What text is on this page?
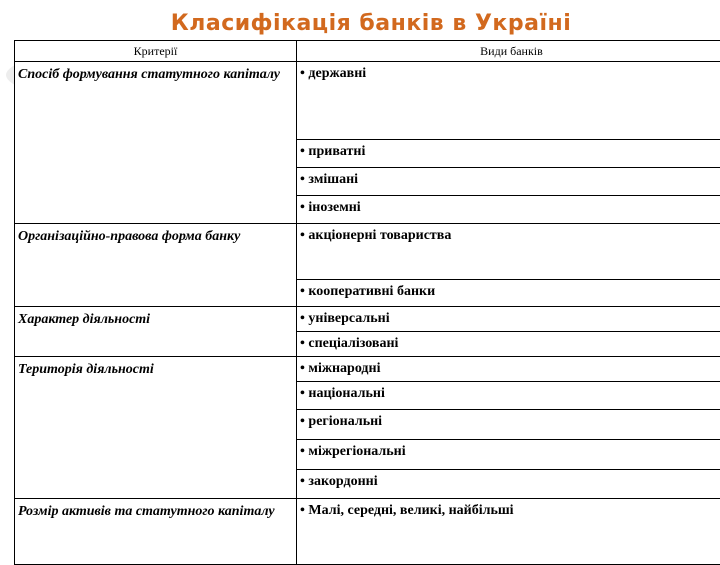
Класифікація банків в Україні
Критерії	Види банків
Спосіб формування статутного капіталу	• державні
	• приватні
	• змішані
	• іноземні
Організаційно-правова форма банку	• акціонерні товариства
	• кооперативні банки
Характер діяльності	• універсальні
	• спеціалізовані
Територія діяльності	• міжнародні
	• національні
	• регіональні
	• міжрегіональні
	• закордонні
Розмір активів та статутного капіталу	• Малі, середні, великі, найбільші
